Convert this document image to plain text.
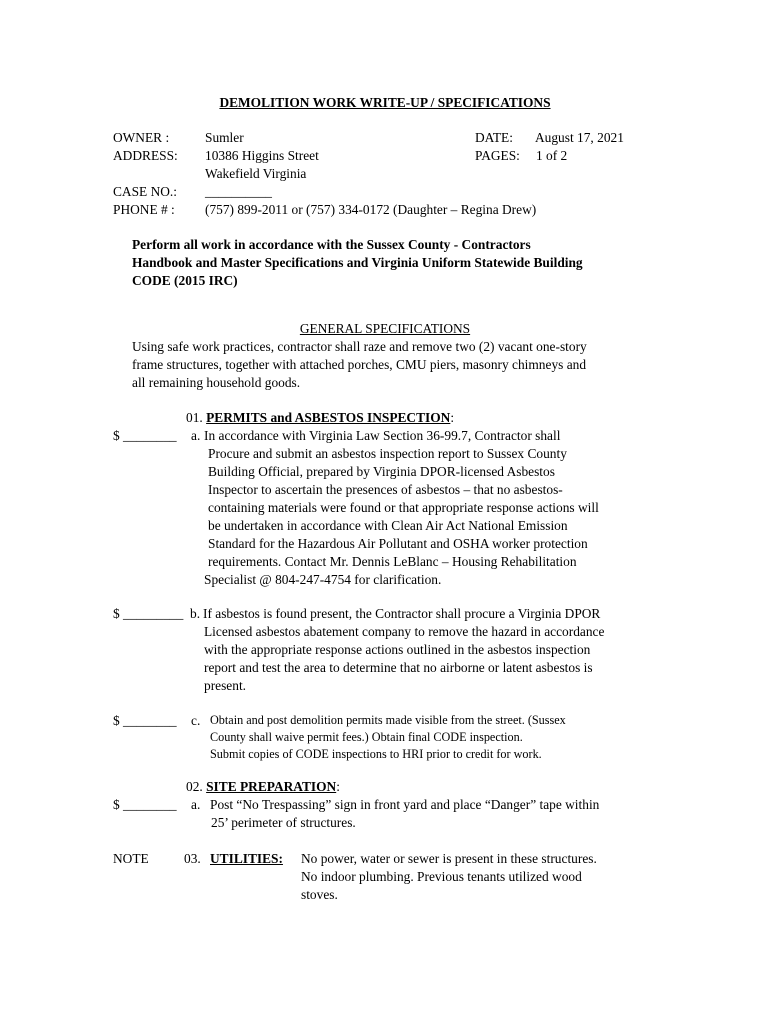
DEMOLITION WORK WRITE-UP / SPECIFICATIONS
OWNER :	Sumler
ADDRESS: 10386 Higgins Street
Wakefield Virginia
CASE NO.: __________
PHONE # : (757) 899-2011 or (757) 334-0172 (Daughter – Regina Drew)
DATE: August 17, 2021
PAGES: 1 of 2
Perform all work in accordance with the Sussex County - Contractors
Handbook and Master Specifications and Virginia Uniform Statewide Building
CODE (2015 IRC)
GENERAL SPECIFICATIONS
Using safe work practices, contractor shall raze and remove two (2) vacant one-story
frame structures, together with attached porches, CMU piers, masonry chimneys and
all remaining household goods.
01. PERMITS and ASBESTOS INSPECTION:
$ ________ a. In accordance with Virginia Law Section 36-99.7, Contractor shall
Procure and submit an asbestos inspection report to Sussex County
Building Official, prepared by Virginia DPOR-licensed Asbestos
Inspector to ascertain the presences of asbestos – that no asbestos-
containing materials were found or that appropriate response actions will
be undertaken in accordance with Clean Air Act National Emission
Standard for the Hazardous Air Pollutant and OSHA worker protection
requirements. Contact Mr. Dennis LeBlanc – Housing Rehabilitation
Specialist @ 804-247-4754 for clarification.
$ _________ b. If asbestos is found present, the Contractor shall procure a Virginia DPOR
Licensed asbestos abatement company to remove the hazard in accordance
with the appropriate response actions outlined in the asbestos inspection
report and test the area to determine that no airborne or latent asbestos is
present.
$ ________ c. Obtain and post demolition permits made visible from the street. (Sussex
County shall waive permit fees.) Obtain final CODE inspection.
Submit copies of CODE inspections to HRI prior to credit for work.
02. SITE PREPARATION:
$ ________ a. Post “No Trespassing” sign in front yard and place “Danger” tape within
25’ perimeter of structures.
NOTE	03. UTILITIES: No power, water or sewer is present in these structures.
No indoor plumbing. Previous tenants utilized wood
stoves.
